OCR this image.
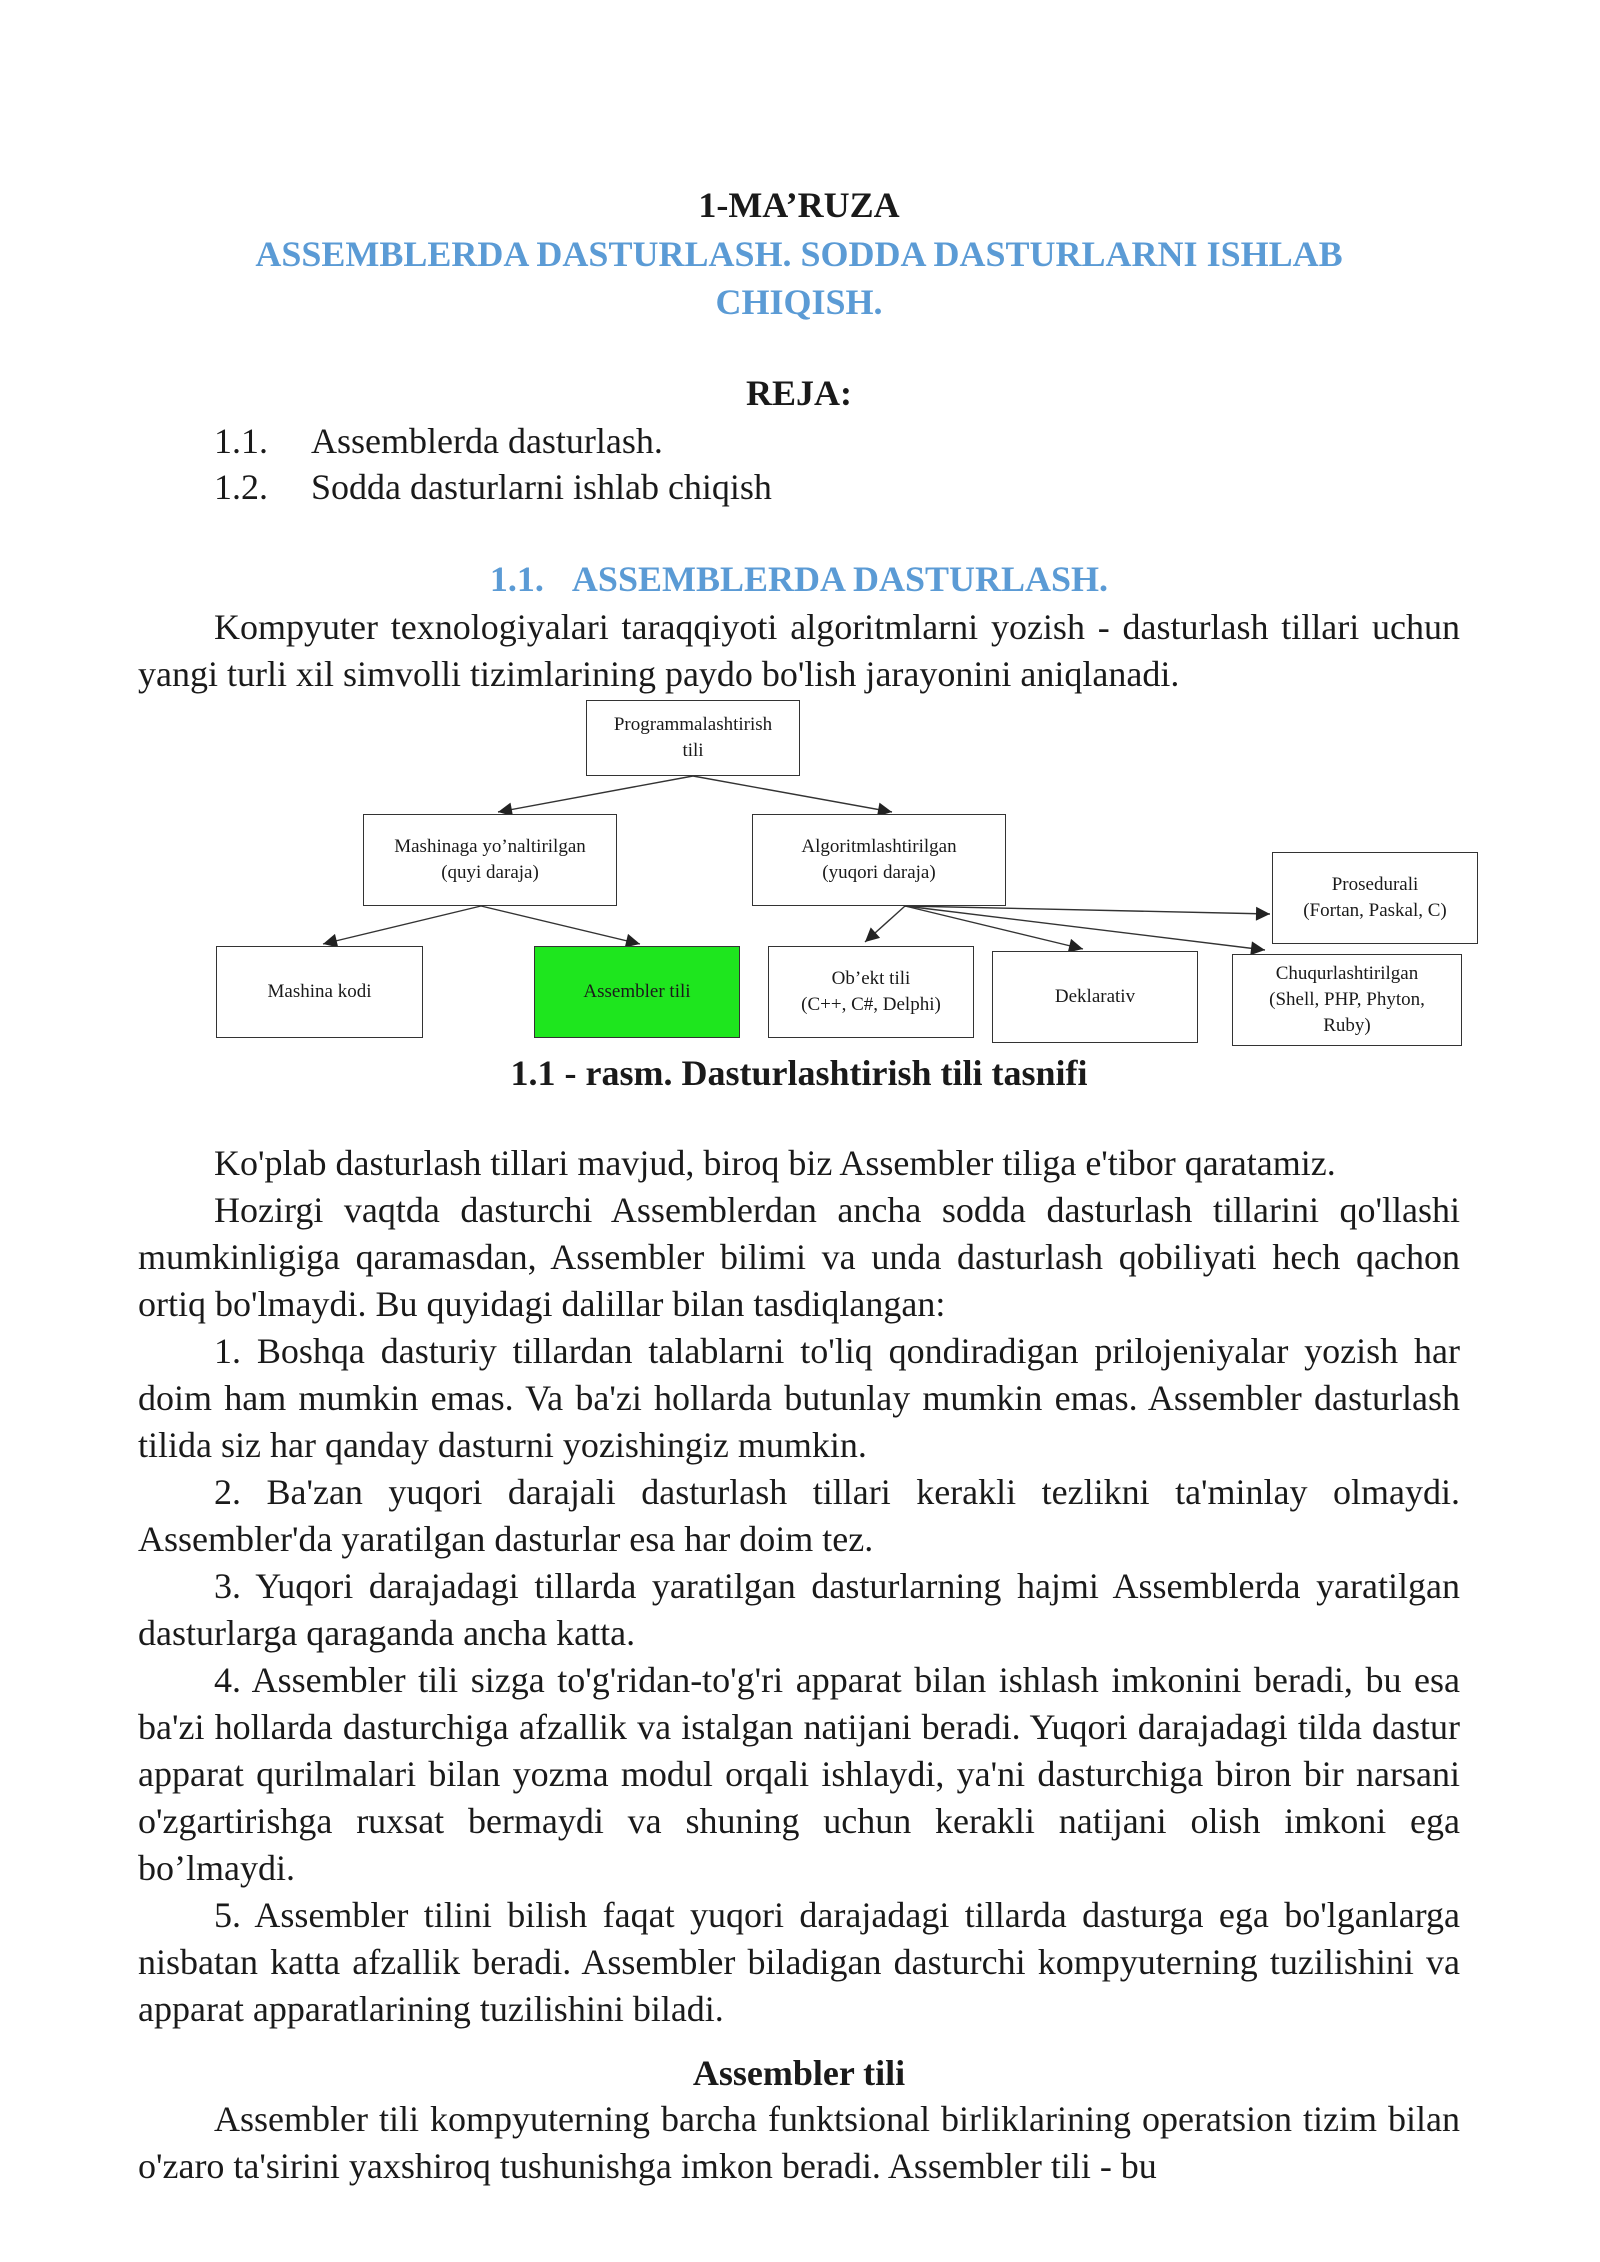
1-MA’RUZA
ASSEMBLERDA DASTURLASH. SODDA DASTURLARNI ISHLAB
CHIQISH.
REJA:
1.1.	Assemblerda dasturlash.
1.2.	Sodda dasturlarni ishlab chiqish
1.1. ASSEMBLERDA DASTURLASH.

Kompyuter texnologiyalari taraqqiyoti algoritmlarni yozish - dasturlash tillari uchun yangi turli xil simvolli tizimlarining paydo bo'lish jarayonini aniqlanadi.

Programmalashtirish
tili
Mashinaga yo’naltirilgan
(quyi daraja)
Algoritmlashtirilgan
(yuqori daraja)
Prosedurali
(Fortan, Paskal, C)
Mashina kodi	Assembler tili
Ob’ekt tili
(C++, C#, Delphi)	Deklarativ
Chuqurlashtirilgan
(Shell, PHP, Phyton,
Ruby)
1.1 - rasm. Dasturlashtirish tili tasnifi

Ko'plab dasturlash tillari mavjud, biroq biz Assembler tiliga e'tibor qaratamiz.

Hozirgi vaqtda dasturchi Assemblerdan ancha sodda dasturlash tillarini qo'llashi mumkinligiga qaramasdan, Assembler bilimi va unda dasturlash qobiliyati hech qachon ortiq bo'lmaydi. Bu quyidagi dalillar bilan tasdiqlangan:

1. Boshqa dasturiy tillardan talablarni to'liq qondiradigan prilojeniyalar yozish har doim ham mumkin emas. Va ba'zi hollarda butunlay mumkin emas. Assembler dasturlash tilida siz har qanday dasturni yozishingiz mumkin.

2. Ba'zan yuqori darajali dasturlash tillari kerakli tezlikni ta'minlay olmaydi. Assembler'da yaratilgan dasturlar esa har doim tez.

3. Yuqori darajadagi tillarda yaratilgan dasturlarning hajmi Assemblerda yaratilgan dasturlarga qaraganda ancha katta.

4. Assembler tili sizga to'g'ridan-to'g'ri apparat bilan ishlash imkonini beradi, bu esa ba'zi hollarda dasturchiga afzallik va istalgan natijani beradi. Yuqori darajadagi tilda dastur apparat qurilmalari bilan yozma modul orqali ishlaydi, ya'ni dasturchiga biron bir narsani o'zgartirishga ruxsat bermaydi va shuning uchun kerakli natijani olish imkoni ega bo’lmaydi.

5. Assembler tilini bilish faqat yuqori darajadagi tillarda dasturga ega bo'lganlarga nisbatan katta afzallik beradi. Assembler biladigan dasturchi kompyuterning tuzilishini va apparat apparatlarining tuzilishini biladi.

Assembler tili

Assembler tili kompyuterning barcha funktsional birliklarining operatsion tizim bilan o'zaro ta'sirini yaxshiroq tushunishga imkon beradi. Assembler tili - bu
